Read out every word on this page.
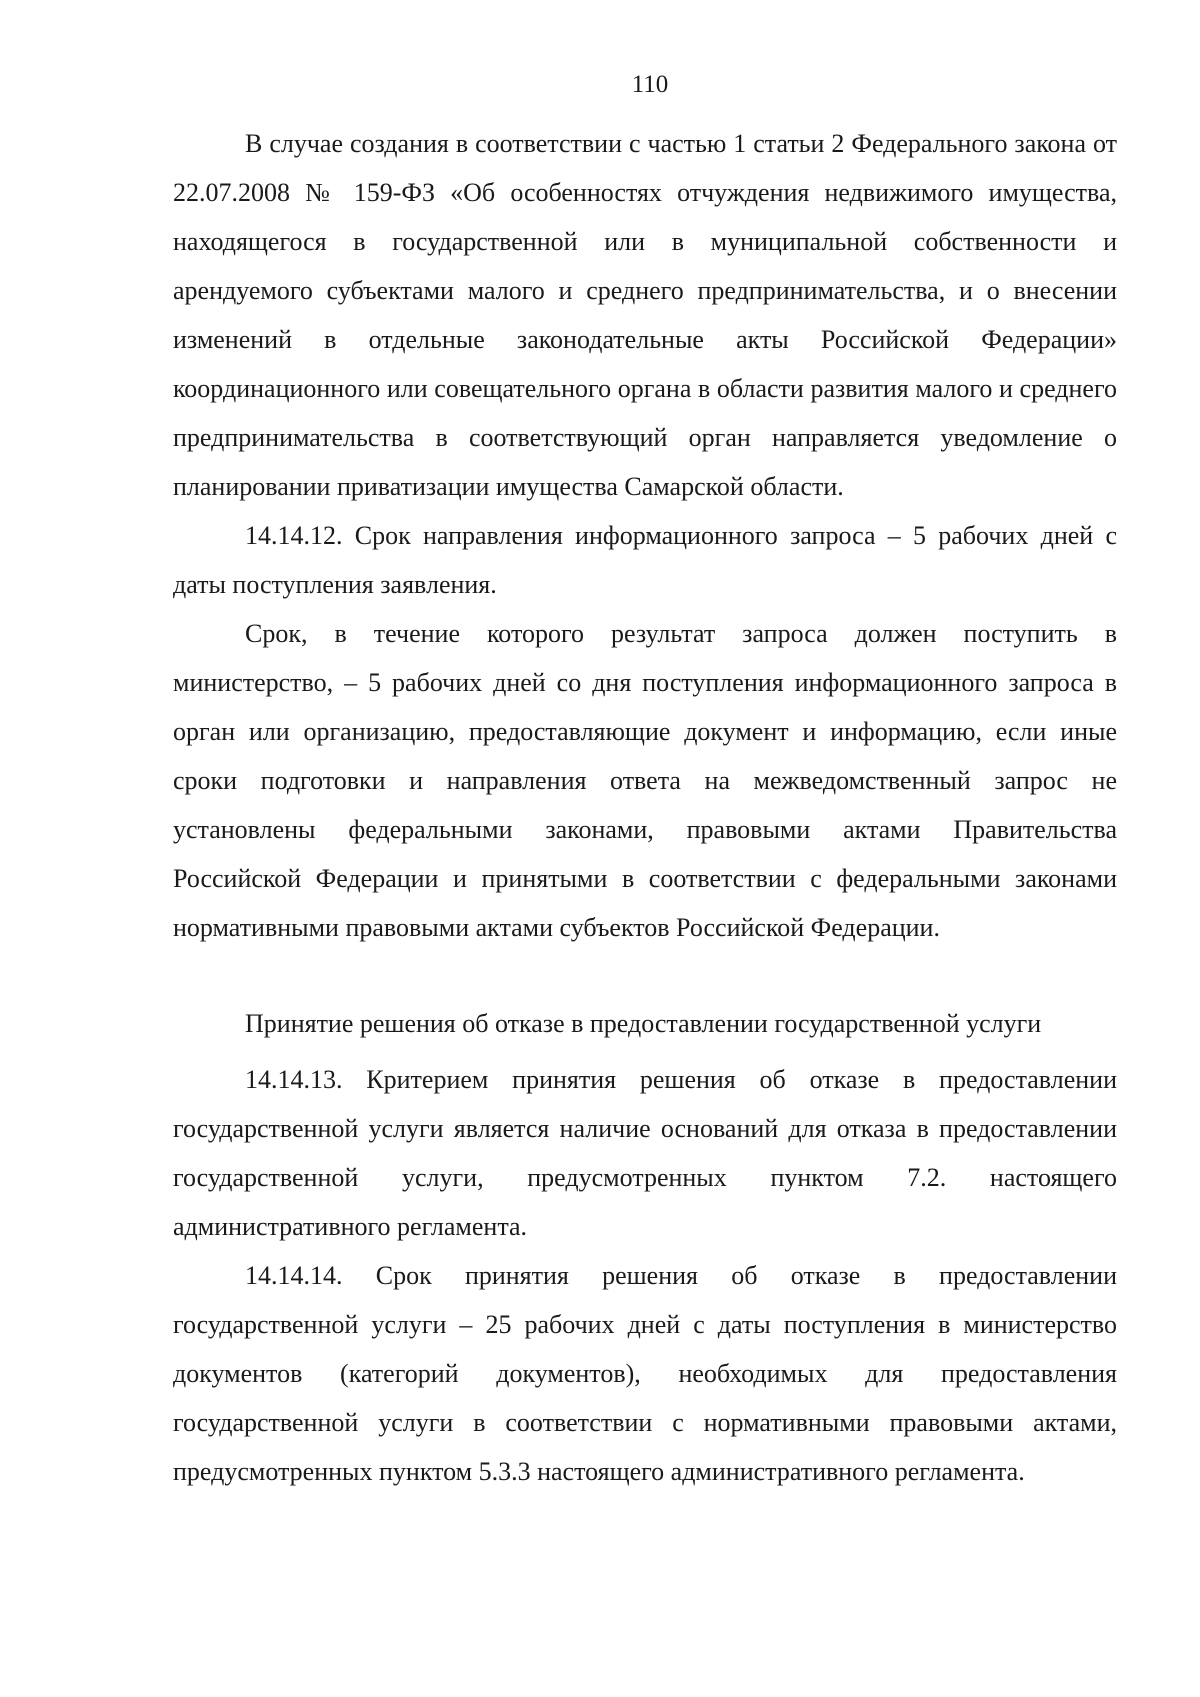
110

В случае создания в соответствии с частью 1 статьи 2 Федерального закона от 22.07.2008 № 159-ФЗ «Об особенностях отчуждения недвижимого имущества, находящегося в государственной или в муниципальной собственности и арендуемого субъектами малого и среднего предпринимательства, и о внесении изменений в отдельные законодательные акты Российской Федерации» координационного или совещательного органа в области развития малого и среднего предпринимательства в соответствующий орган направляется уведомление о планировании приватизации имущества Самарской области.

14.14.12. Срок направления информационного запроса – 5 рабочих дней с даты поступления заявления.

Срок, в течение которого результат запроса должен поступить в министерство, – 5 рабочих дней со дня поступления информационного запроса в орган или организацию, предоставляющие документ и информацию, если иные сроки подготовки и направления ответа на межведомственный запрос не установлены федеральными законами, правовыми актами Правительства Российской Федерации и принятыми в соответствии с федеральными законами нормативными правовыми актами субъектов Российской Федерации.

Принятие решения об отказе в предоставлении государственной услуги

14.14.13. Критерием принятия решения об отказе в предоставлении государственной услуги является наличие оснований для отказа в предоставлении государственной услуги, предусмотренных пунктом 7.2. настоящего административного регламента.

14.14.14. Срок принятия решения об отказе в предоставлении государственной услуги – 25 рабочих дней с даты поступления в министерство документов (категорий документов), необходимых для предоставления государственной услуги в соответствии с нормативными правовыми актами, предусмотренных пунктом 5.3.3 настоящего административного регламента.
